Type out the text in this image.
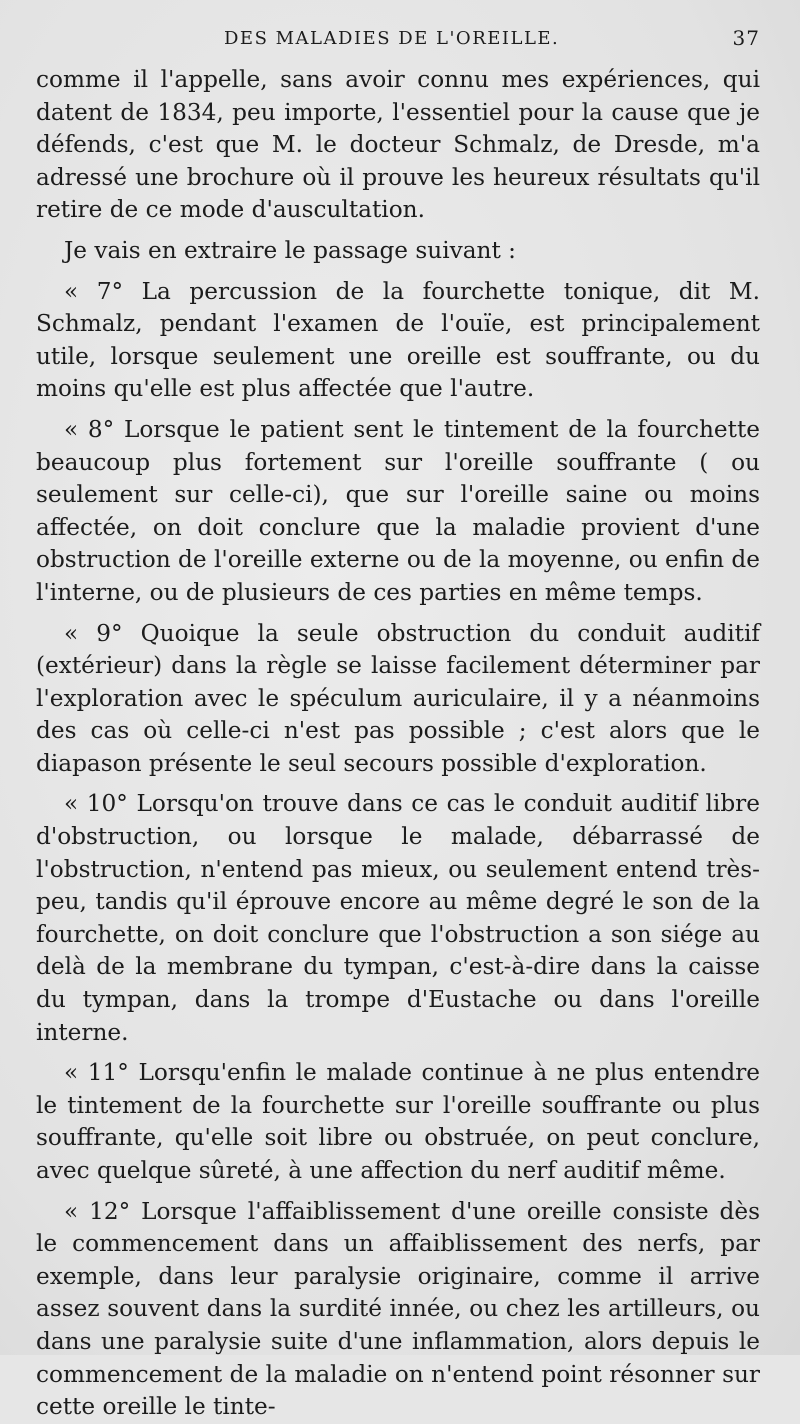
DES MALADIES DE L'OREILLE.	37

comme il l'appelle, sans avoir connu mes expériences, qui datent de 1834, peu importe, l'essentiel pour la cause que je défends, c'est que M. le docteur Schmalz, de Dresde, m'a adressé une brochure où il prouve les heureux résultats qu'il retire de ce mode d'auscultation.

Je vais en extraire le passage suivant :

« 7° La percussion de la fourchette tonique, dit M. Schmalz, pendant l'examen de l'ouïe, est principalement utile, lorsque seulement une oreille est souffrante, ou du moins qu'elle est plus affectée que l'autre.

« 8° Lorsque le patient sent le tintement de la fourchette beaucoup plus fortement sur l'oreille souffrante ( ou seulement sur celle-ci), que sur l'oreille saine ou moins affectée, on doit conclure que la maladie provient d'une obstruction de l'oreille externe ou de la moyenne, ou enfin de l'interne, ou de plusieurs de ces parties en même temps.

« 9° Quoique la seule obstruction du conduit auditif (extérieur) dans la règle se laisse facilement déterminer par l'exploration avec le spéculum auriculaire, il y a néanmoins des cas où celle-ci n'est pas possible ; c'est alors que le diapason présente le seul secours possible d'exploration.

« 10° Lorsqu'on trouve dans ce cas le conduit auditif libre d'obstruction, ou lorsque le malade, débarrassé de l'obstruction, n'entend pas mieux, ou seulement entend très-peu, tandis qu'il éprouve encore au même degré le son de la fourchette, on doit conclure que l'obstruction a son siége au delà de la membrane du tympan, c'est-à-dire dans la caisse du tympan, dans la trompe d'Eustache ou dans l'oreille interne.

« 11° Lorsqu'enfin le malade continue à ne plus entendre le tintement de la fourchette sur l'oreille souffrante ou plus souffrante, qu'elle soit libre ou obstruée, on peut conclure, avec quelque sûreté, à une affection du nerf auditif même.

« 12° Lorsque l'affaiblissement d'une oreille consiste dès le commencement dans un affaiblissement des nerfs, par exemple, dans leur paralysie originaire, comme il arrive assez souvent dans la surdité innée, ou chez les artilleurs, ou dans une paralysie suite d'une inflammation, alors depuis le commencement de la maladie on n'entend point résonner sur cette oreille le tinte-
